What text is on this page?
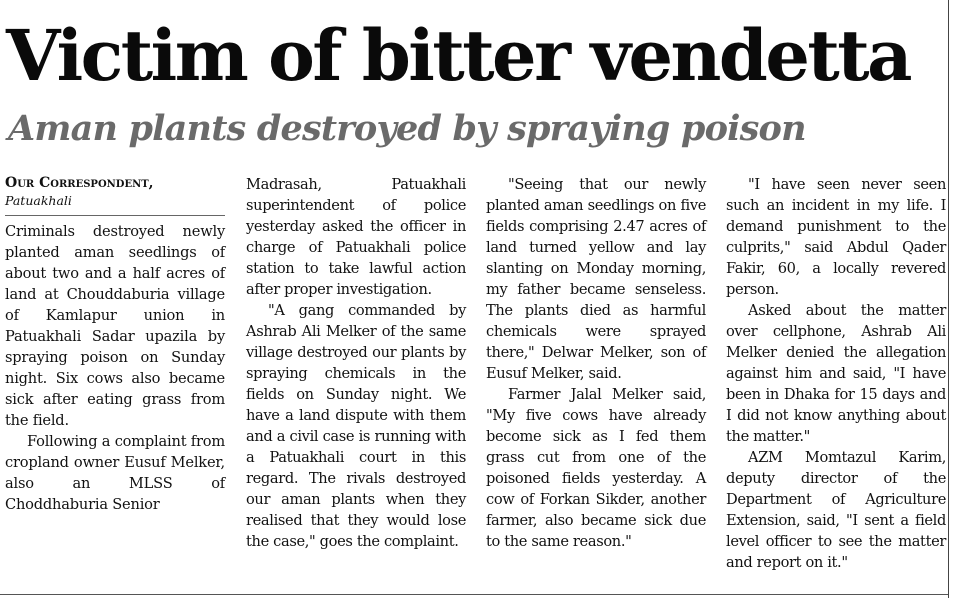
Victim of bitter vendetta
Aman plants destroyed by spraying poison
Our Correspondent,
Patuakhali

Criminals destroyed newly planted aman seedlings of about two and a half acres of land at Chouddaburia village of Kamlapur union in Patuakhali Sadar upazila by spraying poison on Sunday night. Six cows also became sick after eating grass from the field.

Following a complaint from cropland owner Eusuf Melker, also an MLSS of Choddhaburia Senior

Madrasah, Patuakhali superintendent of police yesterday asked the officer in charge of Patuakhali police station to take lawful action after proper investigation.

"A gang commanded by Ashrab Ali Melker of the same village destroyed our plants by spraying chemicals in the fields on Sunday night. We have a land dispute with them and a civil case is running with a Patuakhali court in this regard. The rivals destroyed our aman plants when they realised that they would lose the case," goes the complaint.

"Seeing that our newly planted aman seedlings on five fields comprising 2.47 acres of land turned yellow and lay slanting on Monday morning, my father became senseless. The plants died as harmful chemicals were sprayed there," Delwar Melker, son of Eusuf Melker, said.

Farmer Jalal Melker said, "My five cows have already become sick as I fed them grass cut from one of the poisoned fields yesterday. A cow of Forkan Sikder, another farmer, also became sick due to the same reason."

"I have seen never seen such an incident in my life. I demand punishment to the culprits," said Abdul Qader Fakir, 60, a locally revered person.

Asked about the matter over cellphone, Ashrab Ali Melker denied the allegation against him and said, "I have been in Dhaka for 15 days and I did not know anything about the matter."

AZM Momtazul Karim, deputy director of the Department of Agriculture Extension, said, "I sent a field level officer to see the matter and report on it."
